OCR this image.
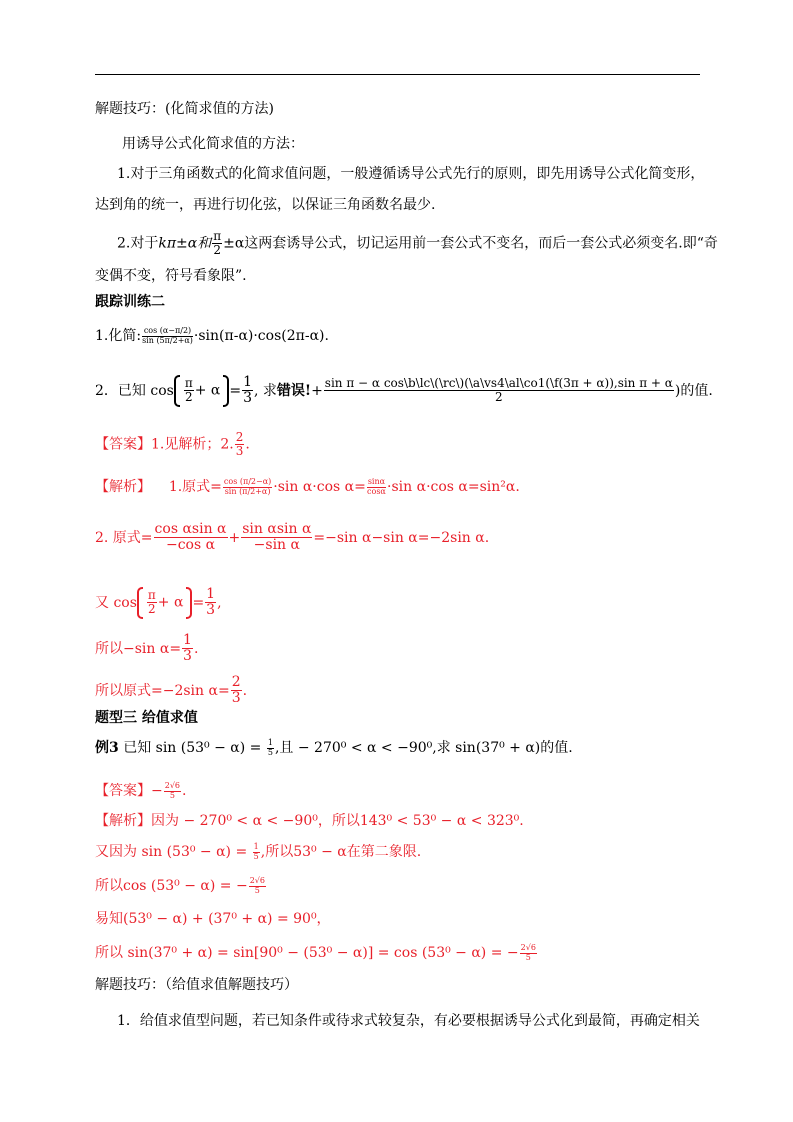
解题技巧：(化简求值的方法)
用诱导公式化简求值的方法：
1.对于三角函数式的化简求值问题，一般遵循诱导公式先行的原则，即先用诱导公式化简变形，
达到角的统一，再进行切化弦，以保证三角函数名最少.
2.对于kπ±α和 $\frac{\pi}{2} \pm\alpha$这两套诱导公式，切记运用前一套公式不变名，而后一套公式必须变名.即“奇
变偶不变，符号看象限”.
跟踪训练二
1.化简: $\frac{\cos (\alpha-\pi/2)}{\sin (5\pi/2+\alpha)} \cdot\sin(\pi-\alpha)\cdot\cos(2\pi-\alpha)$.
2．已知 $\cos \frac{\pi}{2} + \alpha = \frac{1}{3}$ , 求错误!+ sin π − α cos\b\lc\(\rc\)(\a\vs4\al\co1(\f(3π + α)),sin π + α
2	)的值.
【答案】1.见解析；2. $\frac{2}{3}$ .
【解析】 1.原式= $\frac{\cos (\pi/2-\alpha)}{\sin (\pi/2+\alpha)} \cdot\sin$ α·cos $\alpha= \frac{\sin\alpha}{\cos\alpha} \cdot\sin$ α·cos α=sin²α.
2. 原式= $\frac{\text{cos αsin α}}{\text{−cos α}} + \frac{\text{sin αsin α}}{\text{−sin α}} =-\sin$ α−sin α=−2sin α.
又 $\cos \frac{\pi}{2} + \alpha = \frac{1}{3}$ ,
所以−sin $\alpha= \frac{1}{3}$ .
所以原式=−2sin $\alpha= \frac{2}{3}$ .
题型三 给值求值
例3 已知 $\sin (53^0 - \alpha) = \frac{1}{5}$ ,且 − 270⁰ < α < −90⁰,求 sin(37⁰ + α)的值.
【答案】− $\frac{2√6}{5}$ .
【解析】因为 − 270⁰ < α < −90⁰，所以143⁰ < 53⁰ − α < 323⁰.
又因为 $\sin (53^0 - \alpha) = \frac{1}{5}$ ,所以53⁰ − α在第二象限.
所以cos (53⁰ − α) = − $\frac{2√6}{5}$
易知(53⁰ − α) + (37⁰ + α) = 90⁰，
所以 sin(37⁰ + α) = sin[90⁰ − (53⁰ − α)] = cos (53⁰ − α) = − $\frac{2√6}{5}$
解题技巧：（给值求值解题技巧）
1．给值求值型问题，若已知条件或待求式较复杂，有必要根据诱导公式化到最简，再确定相关
